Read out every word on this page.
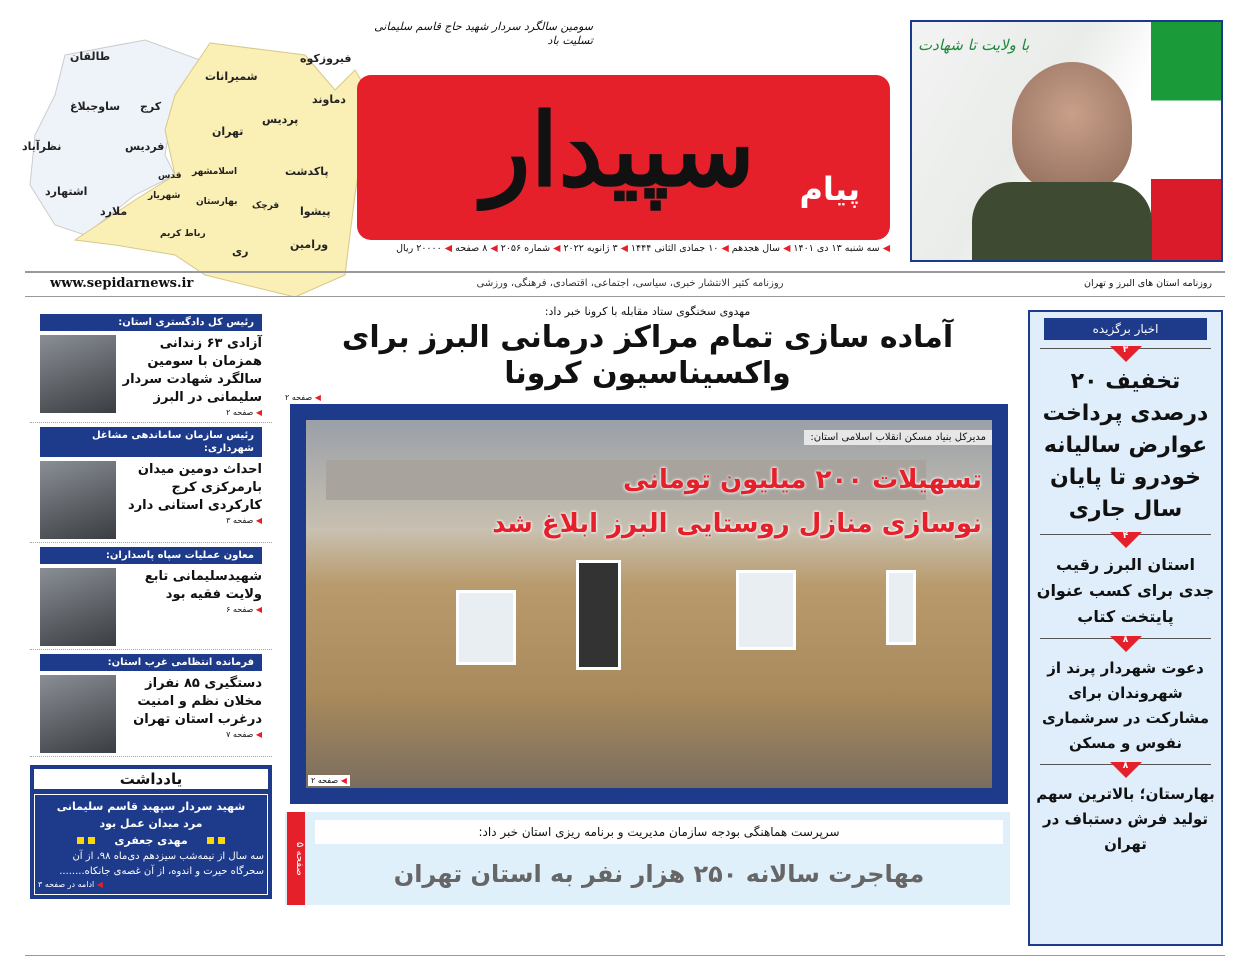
طالقان
ساوجبلاغ کرج
نظرآباد	فردیس
اشتهارد
شمیرانات
تهران
پردیس
دماوند
فیروزکوه
قدس اسلامشهر
ملارد
شهریار
بهارستان
رباط کریم
ری
قرچک
پاکدشت
پیشوا
ورامین
سومین سالگرد سردار شهید حاج قاسم سلیمانی تسلیت باد
سپیدار پیام
با ولایت تا شهادت
◀ سه شنبه ۱۳ دی ۱۴۰۱ ◀ سال هجدهم ◀ ۱۰ جمادی الثانی ۱۴۴۴ ◀ ۳ ژانویه ۲۰۲۲ ◀ شماره ۲۰۵۶ ◀ ۸ صفحه ◀ ۲۰۰۰۰ ریال
www.sepidarnews.ir	روزنامه کثیر الانتشار خبری، سیاسی، اجتماعی، اقتصادی، فرهنگی، ورزشی	روزنامه استان های البرز و تهران
رئیس کل دادگستری استان:
آزادی ۶۳ زندانی همزمان با سومین سالگرد شهادت سردار سلیمانی در البرز
◀ صفحه ۲
رئیس سازمان ساماندهی مشاغل شهرداری:
احداث دومین میدان بارمرکزی کرج کارکردی استانی دارد
◀ صفحه ۳
معاون عملیات سپاه پاسداران:
شهیدسلیمانی تابع ولایت فقیه بود
◀ صفحه ۶
فرمانده انتظامی غرب استان:
دستگیری ۸۵ نفراز مخلان نظم و امنیت درغرب استان تهران
◀ صفحه ۷
یادداشت
شهید سردار سپهبد قاسم سلیمانی
مرد میدان عمل بود
مهدی جعفری
سه سال از نیمه‌شب سیزدهم دی‌ماه ۹۸، از آن سحرگاه حیرت و اندوه، از آن غصه‌ی جانکاه........
◀ ادامه در صفحه ۳
مهدوی سخنگوی ستاد مقابله با کرونا خبر داد:
آماده سازی تمام مراکز درمانی البرز برای واکسیناسیون کرونا
◀ صفحه ۲
مدیرکل بنیاد مسکن انقلاب اسلامی استان:
تسهیلات ۲۰۰ میلیون تومانی
نوسازی منازل روستایی البرز ابلاغ شد
◀ صفحه ۲
صفحه ۵
سرپرست هماهنگی بودجه سازمان مدیریت و برنامه ریزی استان خبر داد:
مهاجرت سالانه ۲۵۰ هزار نفر به استان تهران
اخبار برگزیده
۳
تخفیف ۲۰ درصدی پرداخت عوارض سالیانه خودرو تا پایان سال جاری
۴
استان البرز رقیب جدی برای کسب عنوان پایتخت کتاب
۸
دعوت شهردار پرند از شهروندان برای مشارکت در سرشماری نفوس و مسکن
۸
بهارستان؛ بالاترین سهم تولید فرش دستباف در تهران
